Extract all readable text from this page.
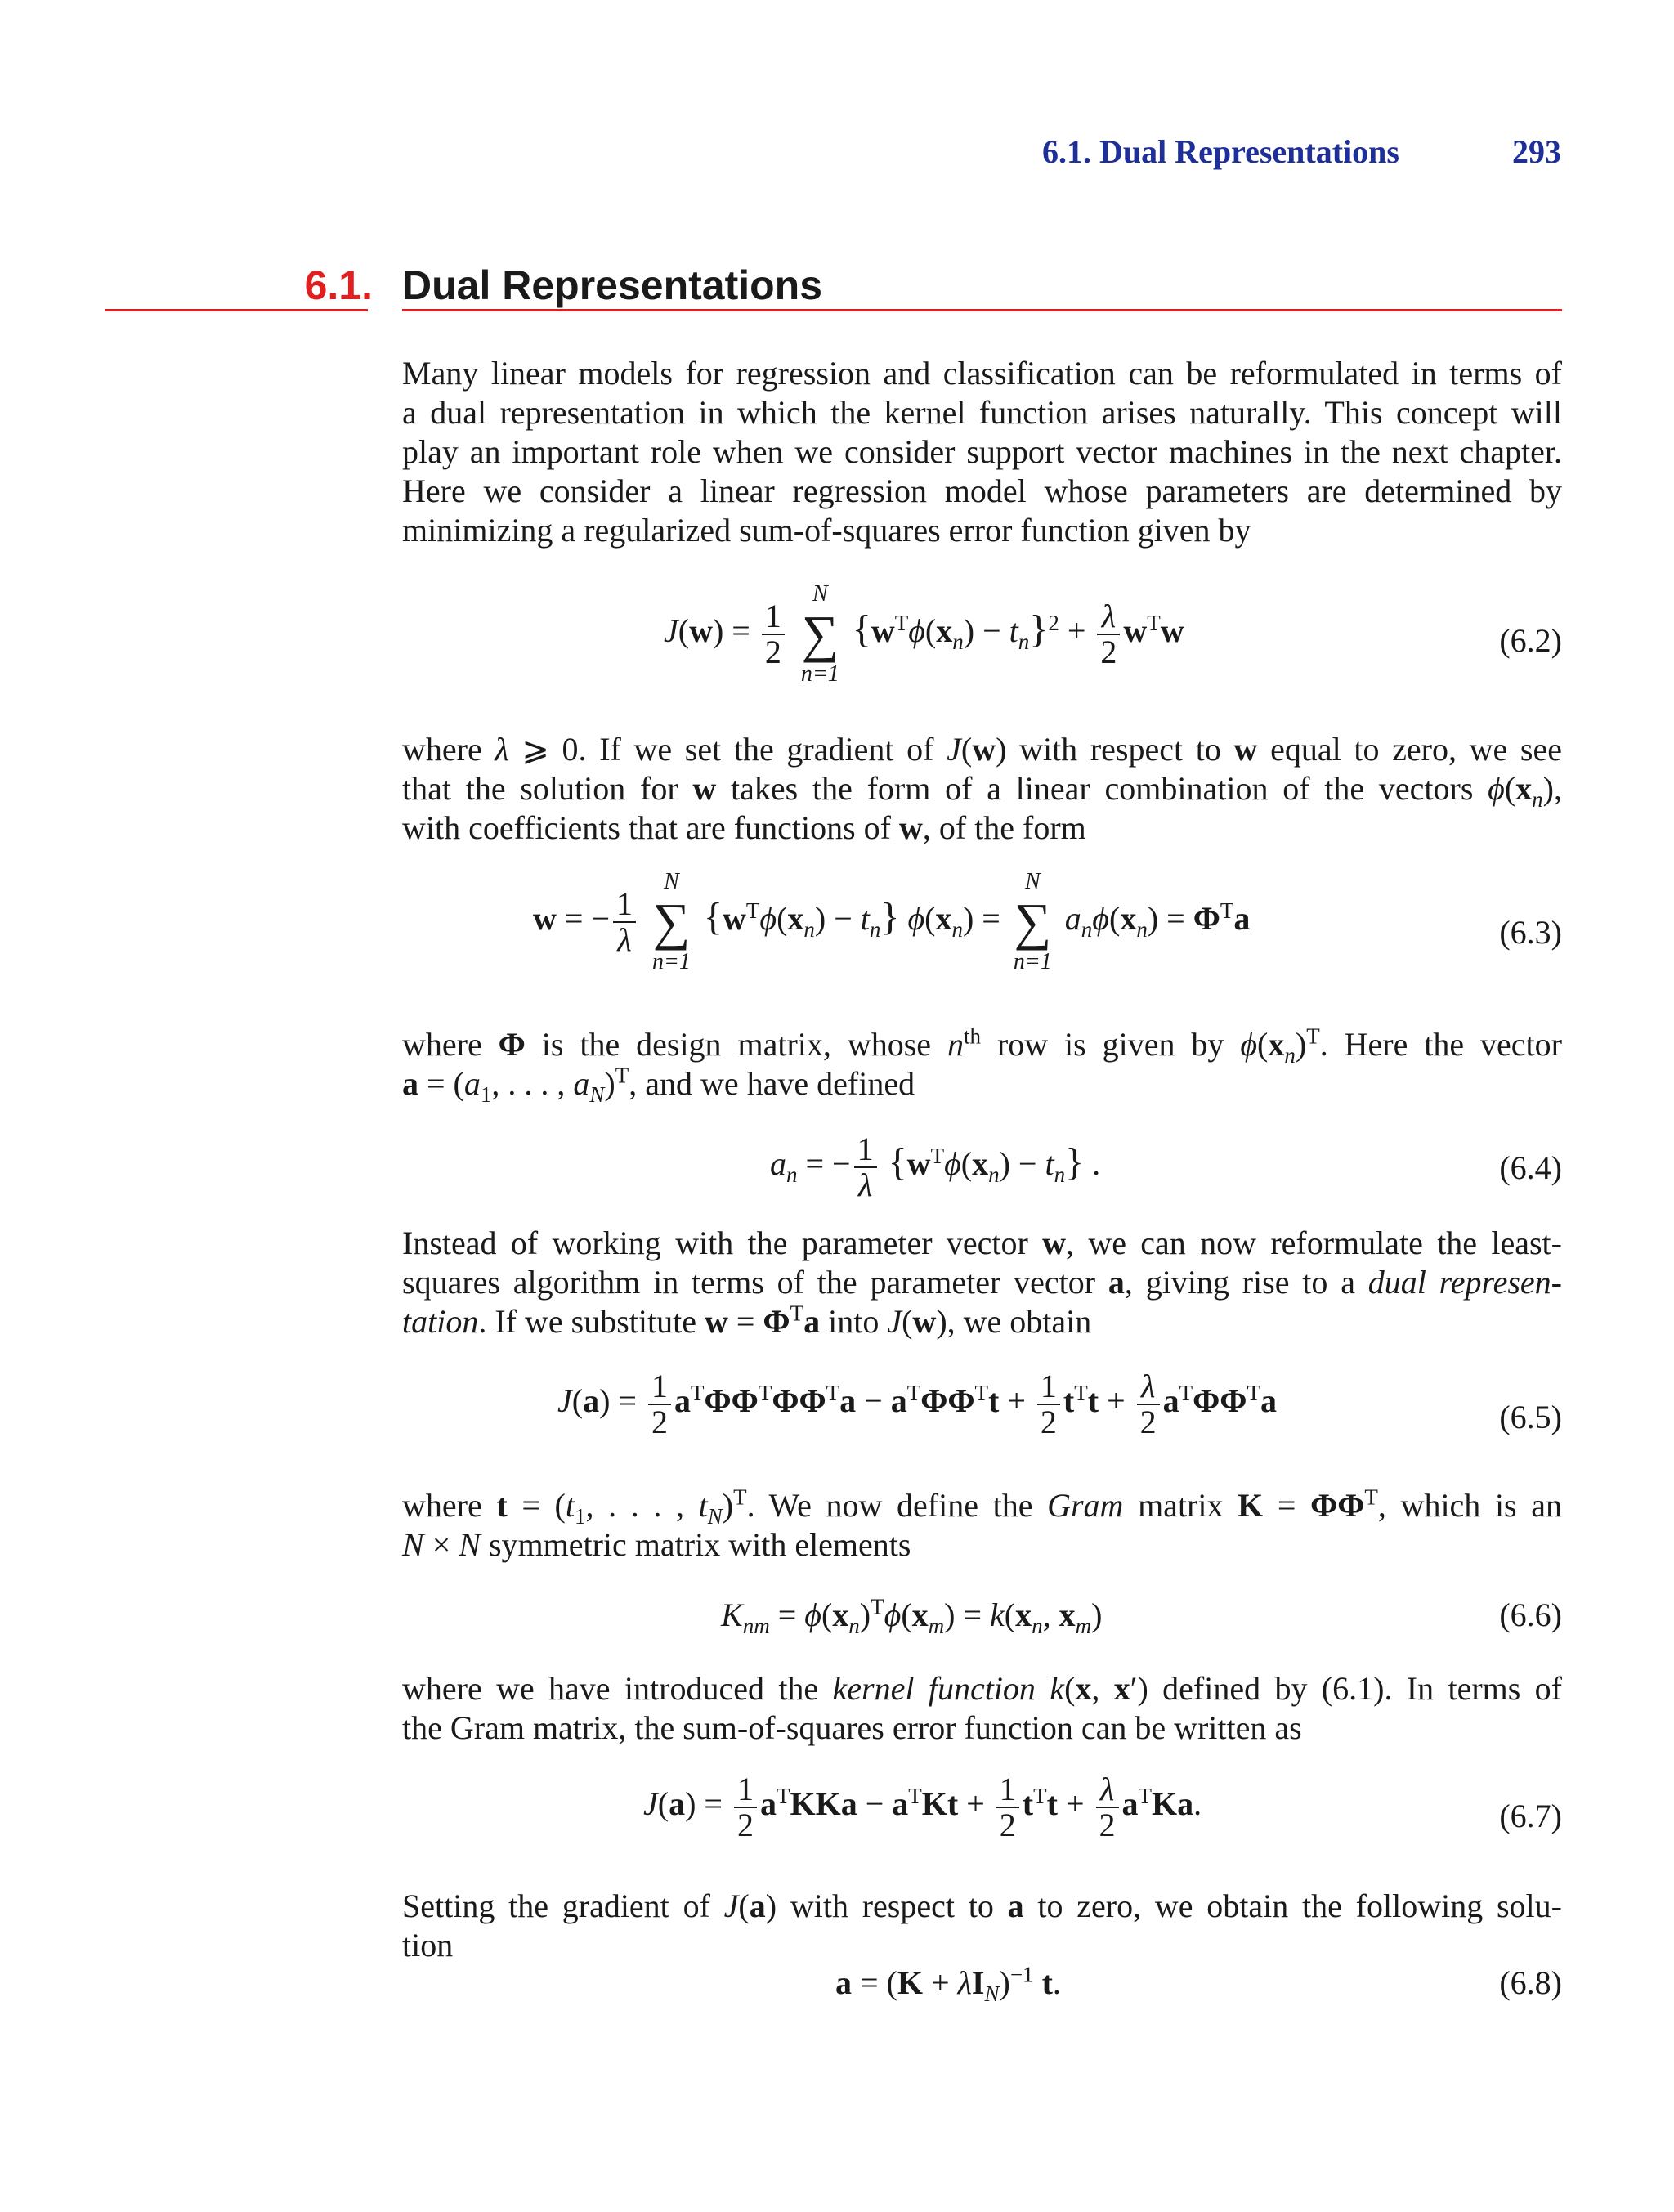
6.1. Dual Representations	293
6.1. Dual Representations
Many linear models for regression and classification can be reformulated in terms of
a dual representation in which the kernel function arises naturally. This concept will
play an important role when we consider support vector machines in the next chapter.
Here we consider a linear regression model whose parameters are determined by
minimizing a regularized sum-of-squares error function given by
$J(w) = \frac{1}{2}$

N
∑
n=1
$\{w^T\phi(x_n) - t_n\}^2 + \frac{\lambda}{2} w^Tw$	(6.2)
where λ ⩾ 0. If we set the gradient of J(w) with respect to w equal to zero, we see
that the solution for w takes the form of a linear combination of the vectors $\phi(x_n)$,
with coefficients that are functions of w, of the form
w = − $\frac{1}{\lambda}$

N
∑
n=1
$\{w^T\phi(x_n) - t_n\} \phi(x_n)$ =
N
∑
n=1
$a_n\phi(x_n) = \Phi^Ta$	(6.3)
where Φ is the design matrix, whose $n^{th}$ row is given by $\phi(x_n)^T$. Here the vector
$a = (a_1$, . . . , $a_N)^T$, and we have defined
$a_n$ = − $\frac{1}{\lambda} \{w^T\phi(x_n) - t_n\}$ .	(6.4)
Instead of working with the parameter vector w, we can now reformulate the least-
squares algorithm in terms of the parameter vector a, giving rise to a dual represen-
tation. If we substitute $w = \Phi^Ta$ into J(w), we obtain
$J(a) = \frac{1}{2} a^T\Phi\Phi^T\Phi\Phi^Ta - a^T\Phi\Phi^Tt + \frac{1}{2} t^Tt + \frac{\lambda}{2} a^T\Phi\Phi^Ta$	(6.5)
where $t = (t_1$, . . . , $t_N)^T$. We now define the Gram matrix $K = \Phi\Phi^T$, which is an
N × N symmetric matrix with elements
$K_{nm} = \phi(x_n)^T\phi(x_m) = k(x_n$, $x_m$)	(6.6)
where we have introduced the kernel function k(x, x′) defined by (6.1). In terms of
the Gram matrix, the sum-of-squares error function can be written as
$J(a) = \frac{1}{2} a^TKKa - a^TKt + \frac{1}{2} t^Tt + \frac{\lambda}{2} a^TKa$.	(6.7)
Setting the gradient of J(a) with respect to a to zero, we obtain the following solu-
tion
$a = (K + \lambda I_N)^{-1}$ t.	(6.8)
